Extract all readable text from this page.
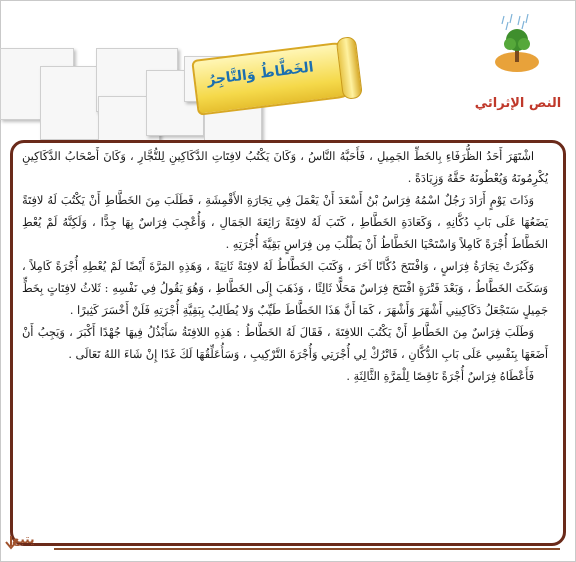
الخَطَّاطُ وَالتَّاجِرُ
النص الإثرائي

اشْتَهَرَ أَحَدُ الظُّرَفَاءِ بِالخَطِّ الجَمِيلِ ، فَأَحَبَّهُ النَّاسُ ، وَكَانَ يَكْتُبُ لافِتَاتِ الدَّكَاكِينِ لِلتُّجَّارِ ، وَكَانَ أَصْحَابُ الدَّكَاكِينِ يُكْرِمُونَهُ وَيُعْطُونَهُ حَقَّهُ وَزِيَادَةً .

وَذَاتَ يَوْمٍ أَرَادَ رَجُلٌ اسْمُهُ فِرَاسُ بْنُ أَسْعَدَ أَنْ يَعْمَلَ فِي تِجَارَةِ الأَقْمِشَةِ ، فَطَلَبَ مِنَ الخَطَّاطِ أَنْ يَكْتُبَ لَهُ لافِتَةً يَضَعُهَا عَلَى بَابِ دُكَّانِهِ ، وَكَعَادَةِ الخَطَّاطِ ، كَتَبَ لَهُ لافِتَةً رَائِعَةَ الجَمَالِ ، وَأُعْجِبَ فِرَاسٌ بِهَا جِدًّا ، وَلَكِنَّهُ لَمْ يُعْطِ الخَطَّاطَ أُجْرَةً كَامِلاً وَاسْتَحْيَا الخَطَّاطُ أَنْ يَطْلُبَ مِن فِرَاسٍ بَقِيَّةَ أُجْرَتِهِ .

وَكَبُرَتْ تِجَارَةُ فِرَاسٍ ، وَافْتَتَحَ دُكَّانًا آخَرَ ، وَكَتَبَ الخَطَّاطُ لَهُ لافِتَةً ثَانِيَةً ، وَهَذِهِ المَرَّةَ أَيْضًا لَمْ يُعْطِهِ أُجْرَةً كَامِلاً ، وَسَكَتَ الخَطَّاطُ ، وَبَعْدَ فَتْرَةٍ افْتَتَحَ فِرَاسٌ مَحَلًّا ثَالِثًا ، وَذَهَبَ إِلَى الخَطَّاطِ ، وَهُوَ يَقُولُ فِي نَفْسِهِ : ثَلاثُ لافِتَاتٍ بِخَطٍّ جَمِيلٍ سَتَجْعَلُ دَكَاكِينِي أَشْهَرَ وَأَشْهَرَ ، كَمَا أَنَّ هَذَا الخَطَّاطَ طَيِّبٌ وَلا يُطَالِبُ بِبَقِيَّةِ أُجْرَتِهِ فَلَنْ أَخْسَرَ كَثِيرًا .

وَطَلَبَ فِرَاسٌ مِنَ الخَطَّاطِ أَنْ يَكْتُبَ اللافِتَةَ ، فَقَالَ لَهُ الخَطَّاطُ : هَذِهِ اللافِتَةُ سَأَبْذُلُ فِيهَا جُهْدًا أَكْبَرَ ، وَيَجِبُ أَنْ أَضَعَهَا بِنَفْسِي عَلَى بَابِ الدُّكَّانِ ، فَاتْرُكْ لِي أُجْرَتِي وَأُجْرَةَ التَّرْكِيبِ ، وَسَأُعَلِّقُهَا لَكَ غَدًا إِنْ شَاءَ اللهُ تَعَالَى .

فَأَعْطَاهُ فِرَاسٌ أُجْرَةً نَاقِصًا لِلْمَرَّةِ الثَّالِثَةِ .

يتبع
